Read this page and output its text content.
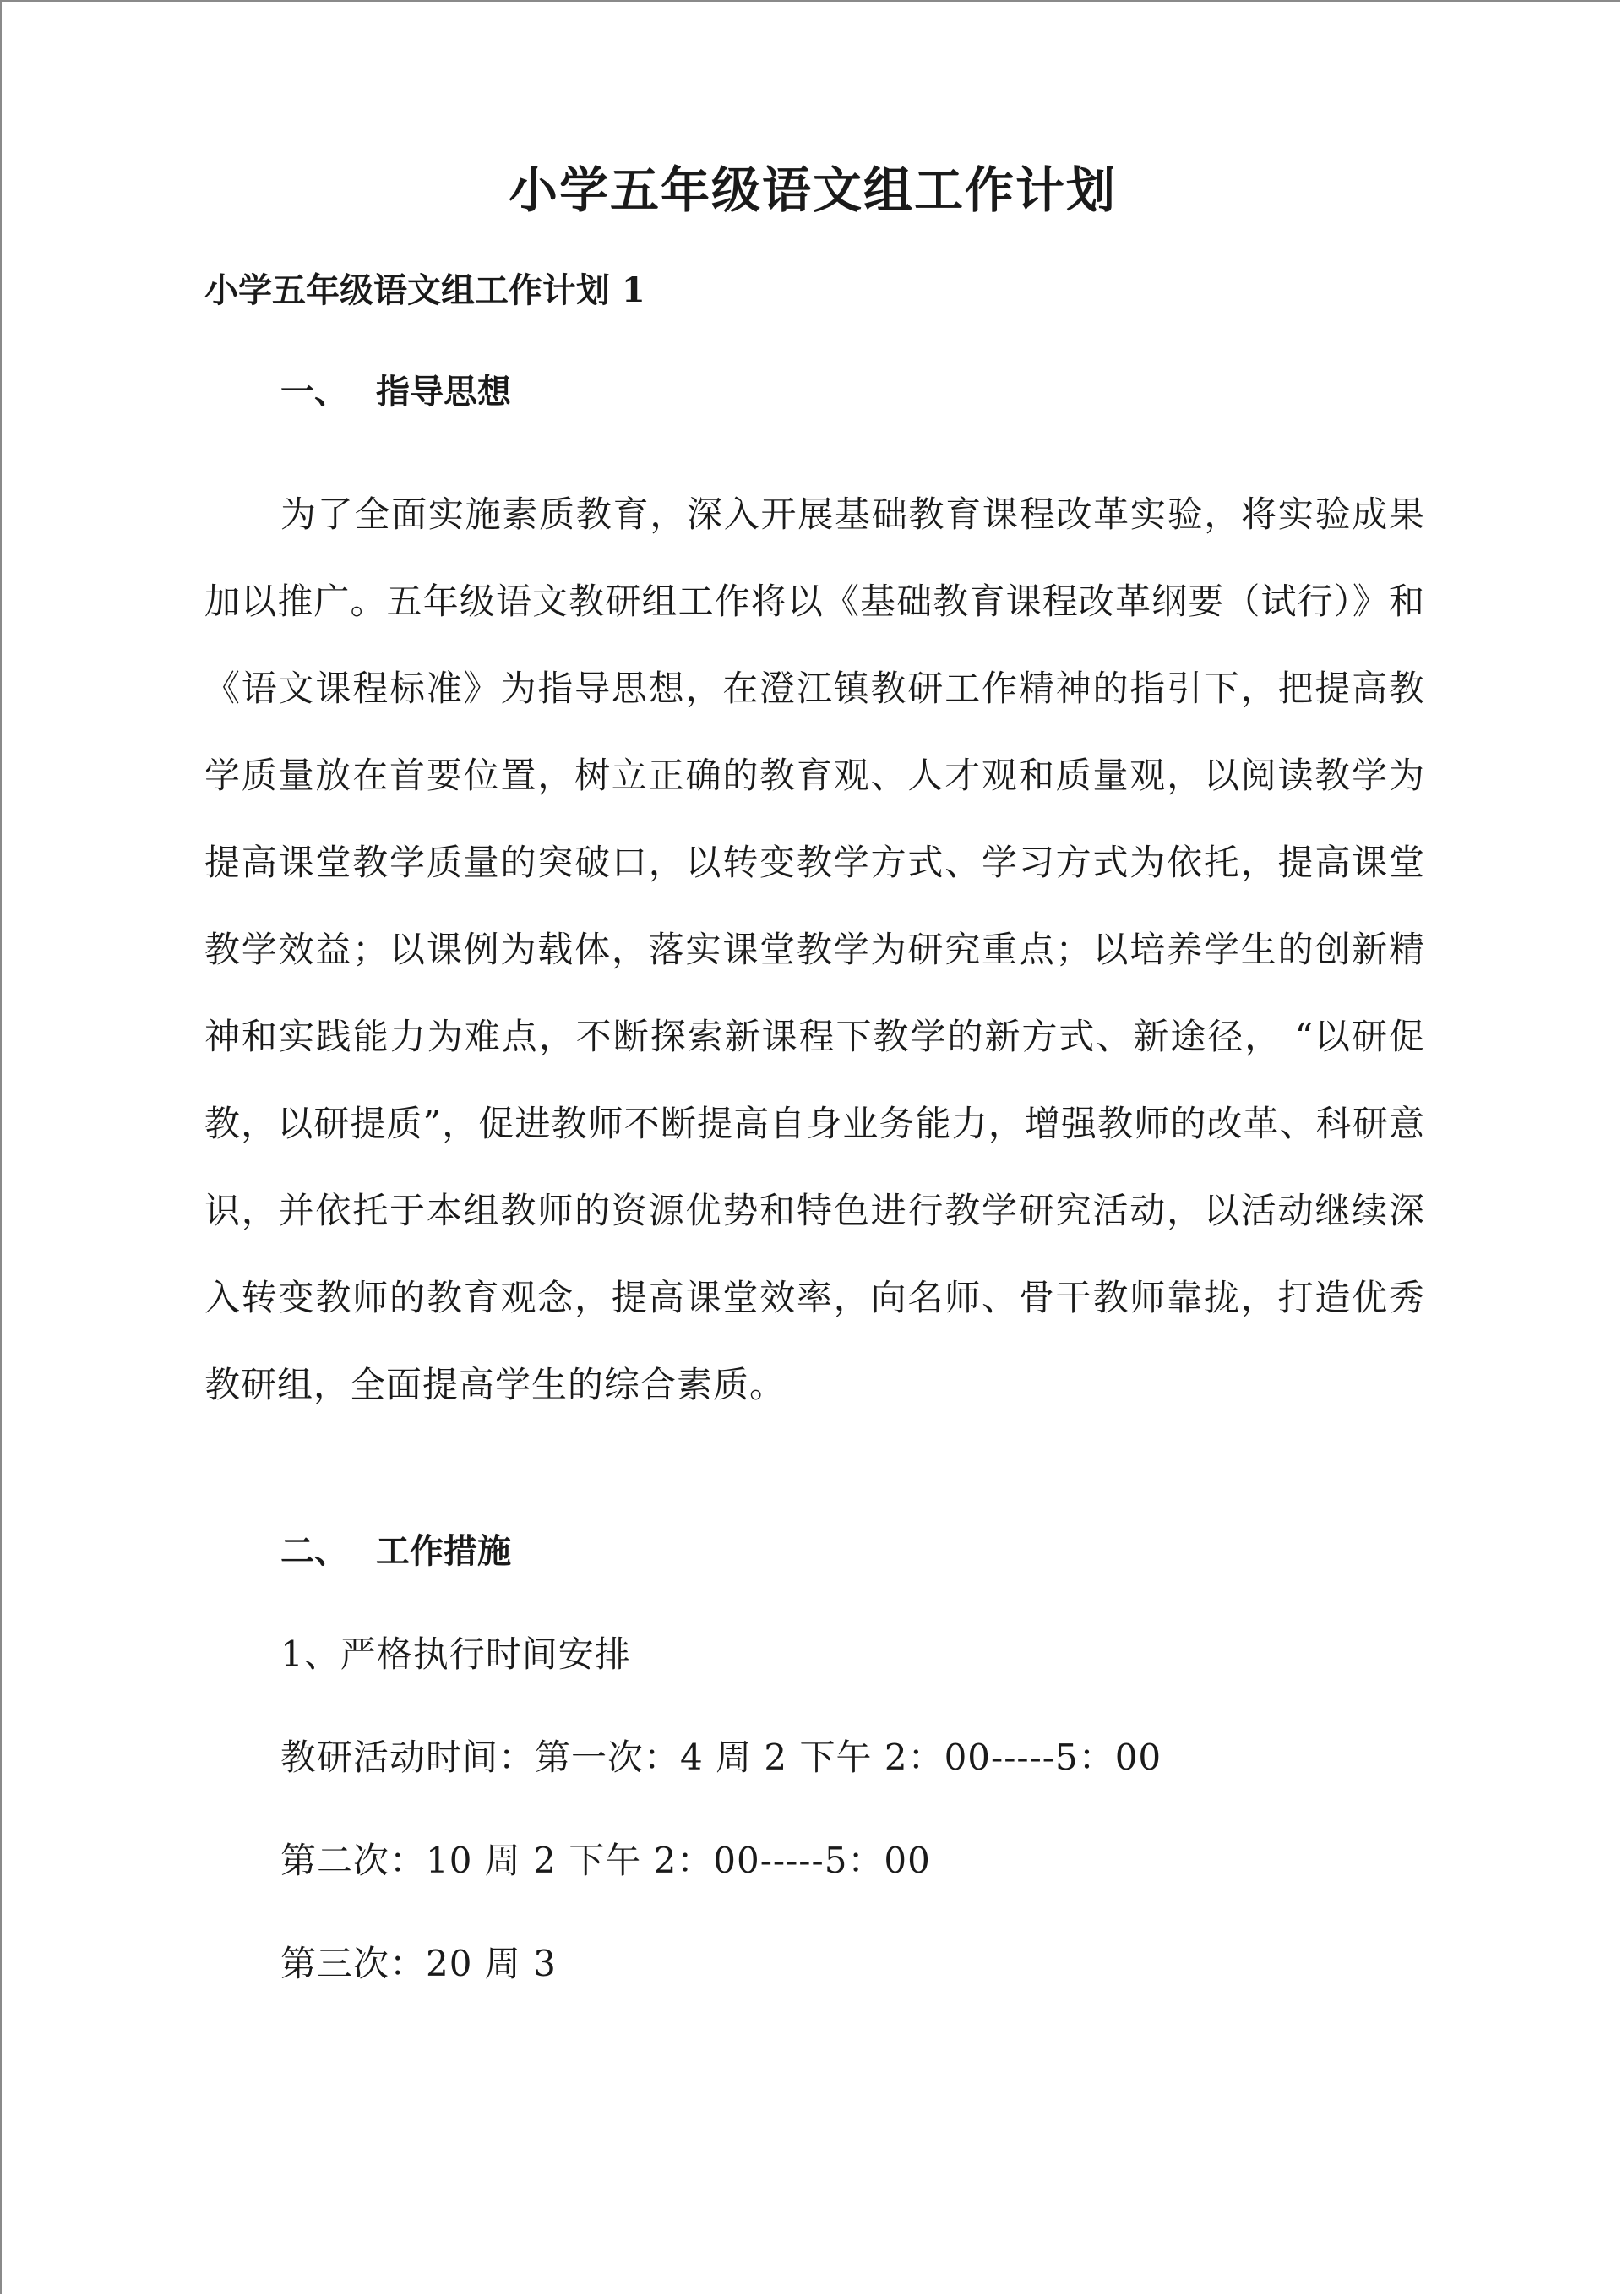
小学五年级语文组工作计划
小学五年级语文组工作计划 1
一、 指导思想
为了全面实施素质教育，深入开展基础教育课程改革实验，将实验成果加以推广。五年级语文教研组工作将以《基础教育课程改革纲要（试行）》和《语文课程标准》为指导思想，在澄江镇教研工作精神的指引下，把提高教学质量放在首要位置，树立正确的教育观、人才观和质量观，以阅读教学为提高课堂教学质量的突破口，以转变教学方式、学习方式为依托，提高课堂教学效益；以课例为载体，落实课堂教学为研究重点；以培养学生的创新精神和实践能力为难点，不断探索新课程下教学的新方式、新途径， “以研促教，以研提质”，促进教师不断提高自身业务能力，增强教师的改革、科研意识，并依托于本组教师的资源优势和特色进行教学研究活动，以活动继续深入转变教师的教育观念，提高课堂效率，向名师、骨干教师靠拢，打造优秀教研组，全面提高学生的综合素质。
二、 工作措施
1、严格执行时间安排
教研活动时间：第一次：4 周 2 下午 2：00-----5：00
第二次：10 周 2 下午 2：00-----5：00
第三次：20 周 3
